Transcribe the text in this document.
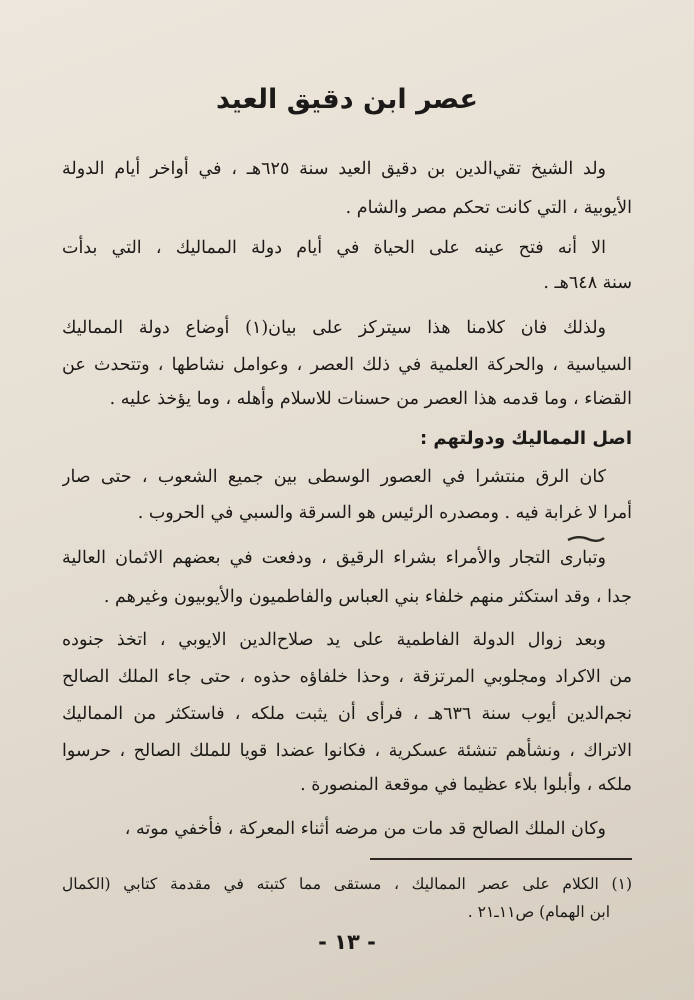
عصر ابن دقيق العيد
ولد الشيخ تقي‌الدين بن دقيق العيد سنة ٦٢٥هـ ، في أواخر أيام الدولة
الأيوبية ، التي كانت تحكم مصر والشام .
الا أنه فتح عينه على الحياة في أيام دولة المماليك ، التي بدأت
سنة ٦٤٨هـ .
ولذلك فان كلامنا هذا سيتركز على بيان(١) أوضاع دولة المماليك
السياسية ، والحركة العلمية في ذلك العصر ، وعوامل نشاطها ، وتتحدث عن
القضاء ، وما قدمه هذا العصر من حسنات للاسلام وأهله ، وما يؤخذ عليه .
اصل المماليك ودولتهم :
كان الرق منتشرا في العصور الوسطى بين جميع الشعوب ، حتى صار
أمرا لا غرابة فيه . ومصدره الرئيس هو السرقة والسبي في الحروب .
وتبارى التجار والأمراء بشراء الرقيق ، ودفعت في بعضهم الاثمان العالية
جدا ، وقد استكثر منهم خلفاء بني العباس والفاطميون والأيوبيون وغيرهم .
وبعد زوال الدولة الفاطمية على يد صلاح‌الدين الايوبي ، اتخذ جنوده
من الاكراد ومجلوبي المرتزقة ، وحذا خلفاؤه حذوه ، حتى جاء الملك الصالح
نجم‌الدين أيوب سنة ٦٣٦هـ ، فرأى أن يثبت ملكه ، فاستكثر من المماليك
الاتراك ، ونشأهم تنشئة عسكرية ، فكانوا عضدا قويا للملك الصالح ، حرسوا
ملكه ، وأبلوا بلاء عظيما في موقعة المنصورة .
وكان الملك الصالح قد مات من مرضه أثناء المعركة ، فأخفي موته ،
(١) الكلام على عصر المماليك ، مستقى مما كتبته في مقدمة كتابي (الكمال
ابن الهمام) ص١١ـ٢١ .
- ١٣ -
